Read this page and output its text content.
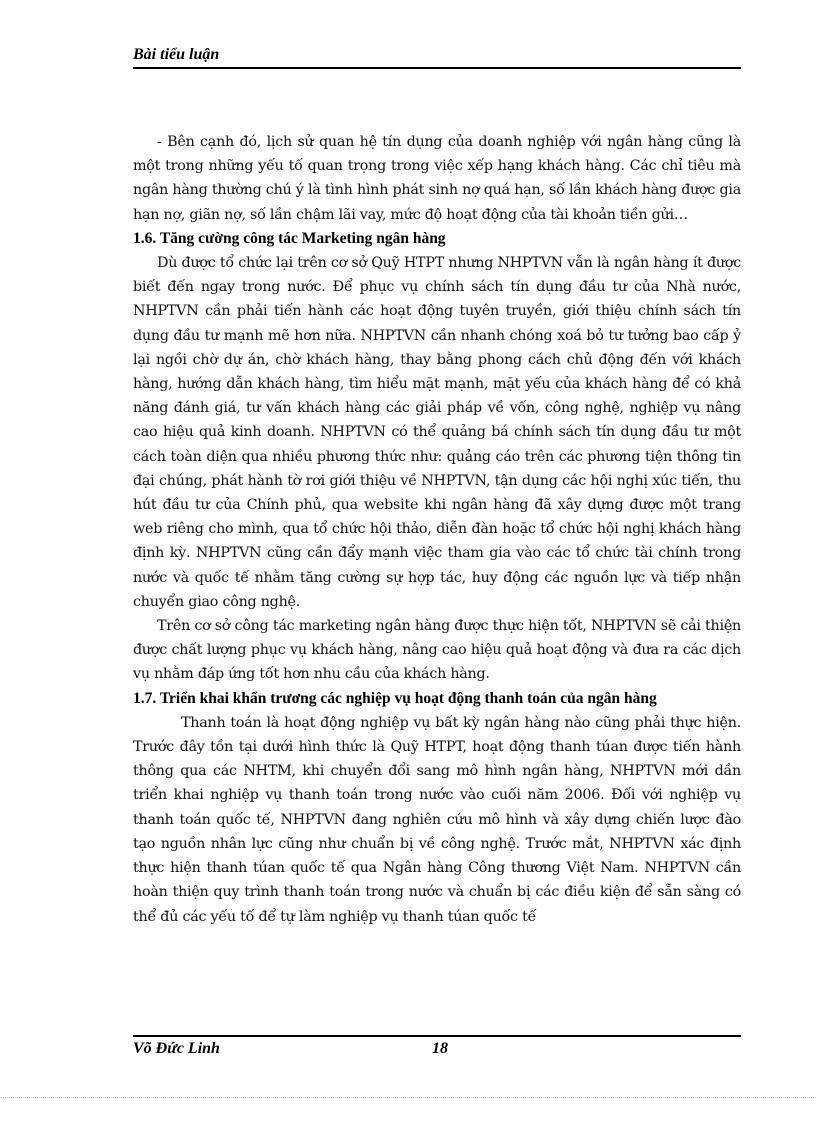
Bài tiểu luận

- Bên cạnh đó, lịch sử quan hệ tín dụng của doanh nghiệp với ngân hàng cũng là một trong những yếu tố quan trọng trong việc xếp hạng khách hàng. Các chỉ tiêu mà ngân hàng thường chú ý là tình hình phát sinh nợ quá hạn, số lần khách hàng được gia hạn nợ, giãn nợ, số lần chậm lãi vay, mức độ hoạt động của tài khoản tiền gửi…

1.6. Tăng cường công tác Marketing ngân hàng

Dù được tổ chức lại trên cơ sở Quỹ HTPT nhưng NHPTVN vẫn là ngân hàng ít được biết đến ngay trong nước. Để phục vụ chính sách tín dụng đầu tư của Nhà nước, NHPTVN cần phải tiến hành các hoạt động tuyên truyền, giới thiệu chính sách tín dụng đầu tư mạnh mẽ hơn nữa. NHPTVN cần nhanh chóng xoá bỏ tư tưởng bao cấp ỷ lại ngồi chờ dự án, chờ khách hàng, thay bằng phong cách chủ động đến với khách hàng, hướng dẫn khách hàng, tìm hiểu mặt mạnh, mặt yếu của khách hàng để có khả năng đánh giá, tư vấn khách hàng các giải pháp về vốn, công nghệ, nghiệp vụ nâng cao hiệu quả kinh doanh. NHPTVN có thể quảng bá chính sách tín dụng đầu tư một cách toàn diện qua nhiều phương thức như: quảng cáo trên các phương tiện thông tin đại chúng, phát hành tờ rơi giới thiệu về NHPTVN, tận dụng các hội nghị xúc tiến, thu hút đầu tư của Chính phủ, qua website khi ngân hàng đã xây dựng được một trang web riêng cho mình, qua tổ chức hội thảo, diễn đàn hoặc tổ chức hội nghị khách hàng định kỳ. NHPTVN cũng cần đẩy mạnh việc tham gia vào các tổ chức tài chính trong nước và quốc tế nhằm tăng cường sự hợp tác, huy động các nguồn lực và tiếp nhận chuyển giao công nghệ.

Trên cơ sở công tác marketing ngân hàng được thực hiện tốt, NHPTVN sẽ cải thiện được chất lượng phục vụ khách hàng, nâng cao hiệu quả hoạt động và đưa ra các dịch vụ nhằm đáp ứng tốt hơn nhu cầu của khách hàng.

1.7. Triển khai khẩn trương các nghiệp vụ hoạt động thanh toán của ngân hàng

Thanh toán là hoạt động nghiệp vụ bất kỳ ngân hàng nào cũng phải thực hiện. Trước đây tồn tại dưới hình thức là Quỹ HTPT, hoạt động thanh túan được tiến hành thông qua các NHTM, khi chuyển đổi sang mô hình ngân hàng, NHPTVN mới dần triển khai nghiệp vụ thanh toán trong nước vào cuối năm 2006. Đối với nghiệp vụ thanh toán quốc tế, NHPTVN đang nghiên cứu mô hình và xây dựng chiến lược đào tạo nguồn nhân lực cũng như chuẩn bị về công nghệ. Trước mắt, NHPTVN xác định thực hiện thanh túan quốc tế qua Ngân hàng Công thương Việt Nam. NHPTVN cần hoàn thiện quy trình thanh toán trong nước và chuẩn bị các điều kiện để sẵn sàng có thể đủ các yếu tố để tự làm nghiệp vụ thanh túan quốc tế

Võ Đức Linh	18
